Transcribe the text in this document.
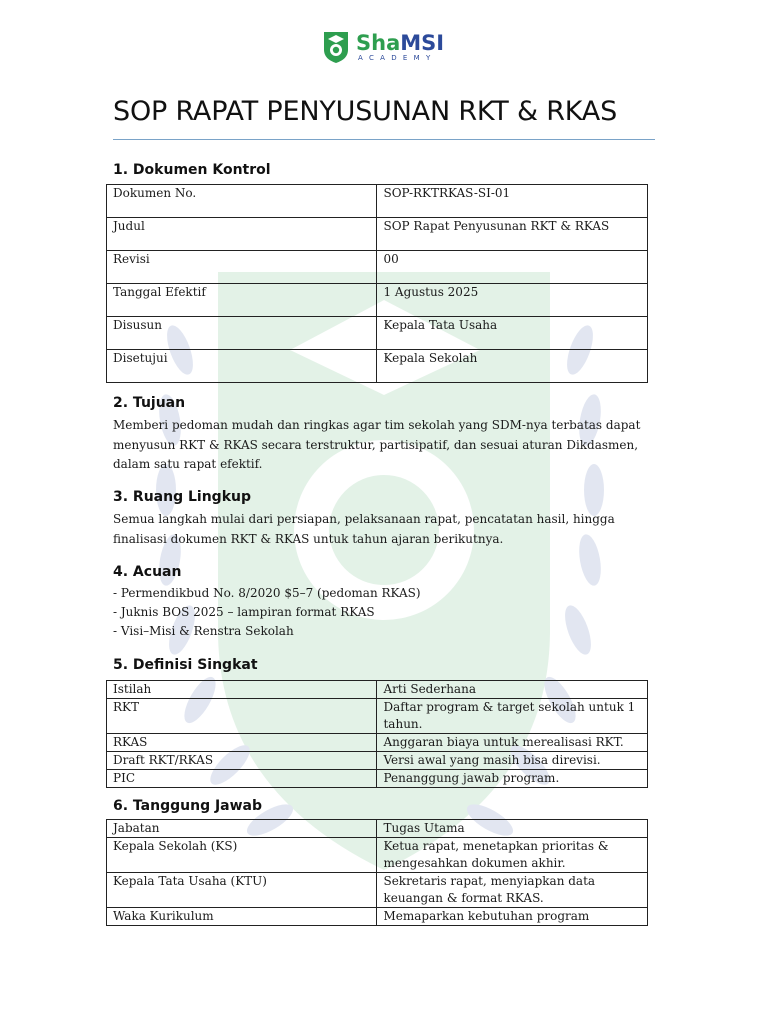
ShaMSI
ACADEMY
SOP RAPAT PENYUSUNAN RKT & RKAS
1. Dokumen Kontrol
Dokumen No.	SOP-RKTRKAS-SI-01
Judul	SOP Rapat Penyusunan RKT & RKAS
Revisi	00
Tanggal Efektif	1 Agustus 2025
Disusun	Kepala Tata Usaha
Disetujui	Kepala Sekolah
2. Tujuan

Memberi pedoman mudah dan ringkas agar tim sekolah yang SDM-nya terbatas dapat menyusun RKT & RKAS secara terstruktur, partisipatif, dan sesuai aturan Dikdasmen, dalam satu rapat efektif.

3. Ruang Lingkup

Semua langkah mulai dari persiapan, pelaksanaan rapat, pencatatan hasil, hingga finalisasi dokumen RKT & RKAS untuk tahun ajaran berikutnya.

4. Acuan
- Permendikbud No. 8/2020 $5–7 (pedoman RKAS)
- Juknis BOS 2025 – lampiran format RKAS
- Visi–Misi & Renstra Sekolah
5. Definisi Singkat
Istilah	Arti Sederhana
RKT	Daftar program & target sekolah untuk 1 tahun.
RKAS	Anggaran biaya untuk merealisasi RKT.
Draft RKT/RKAS	Versi awal yang masih bisa direvisi.
PIC	Penanggung jawab program.
6. Tanggung Jawab
Jabatan	Tugas Utama
Kepala Sekolah (KS)	Ketua rapat, menetapkan prioritas & mengesahkan dokumen akhir.
Kepala Tata Usaha (KTU)	Sekretaris rapat, menyiapkan data keuangan & format RKAS.
Waka Kurikulum	Memaparkan kebutuhan program
